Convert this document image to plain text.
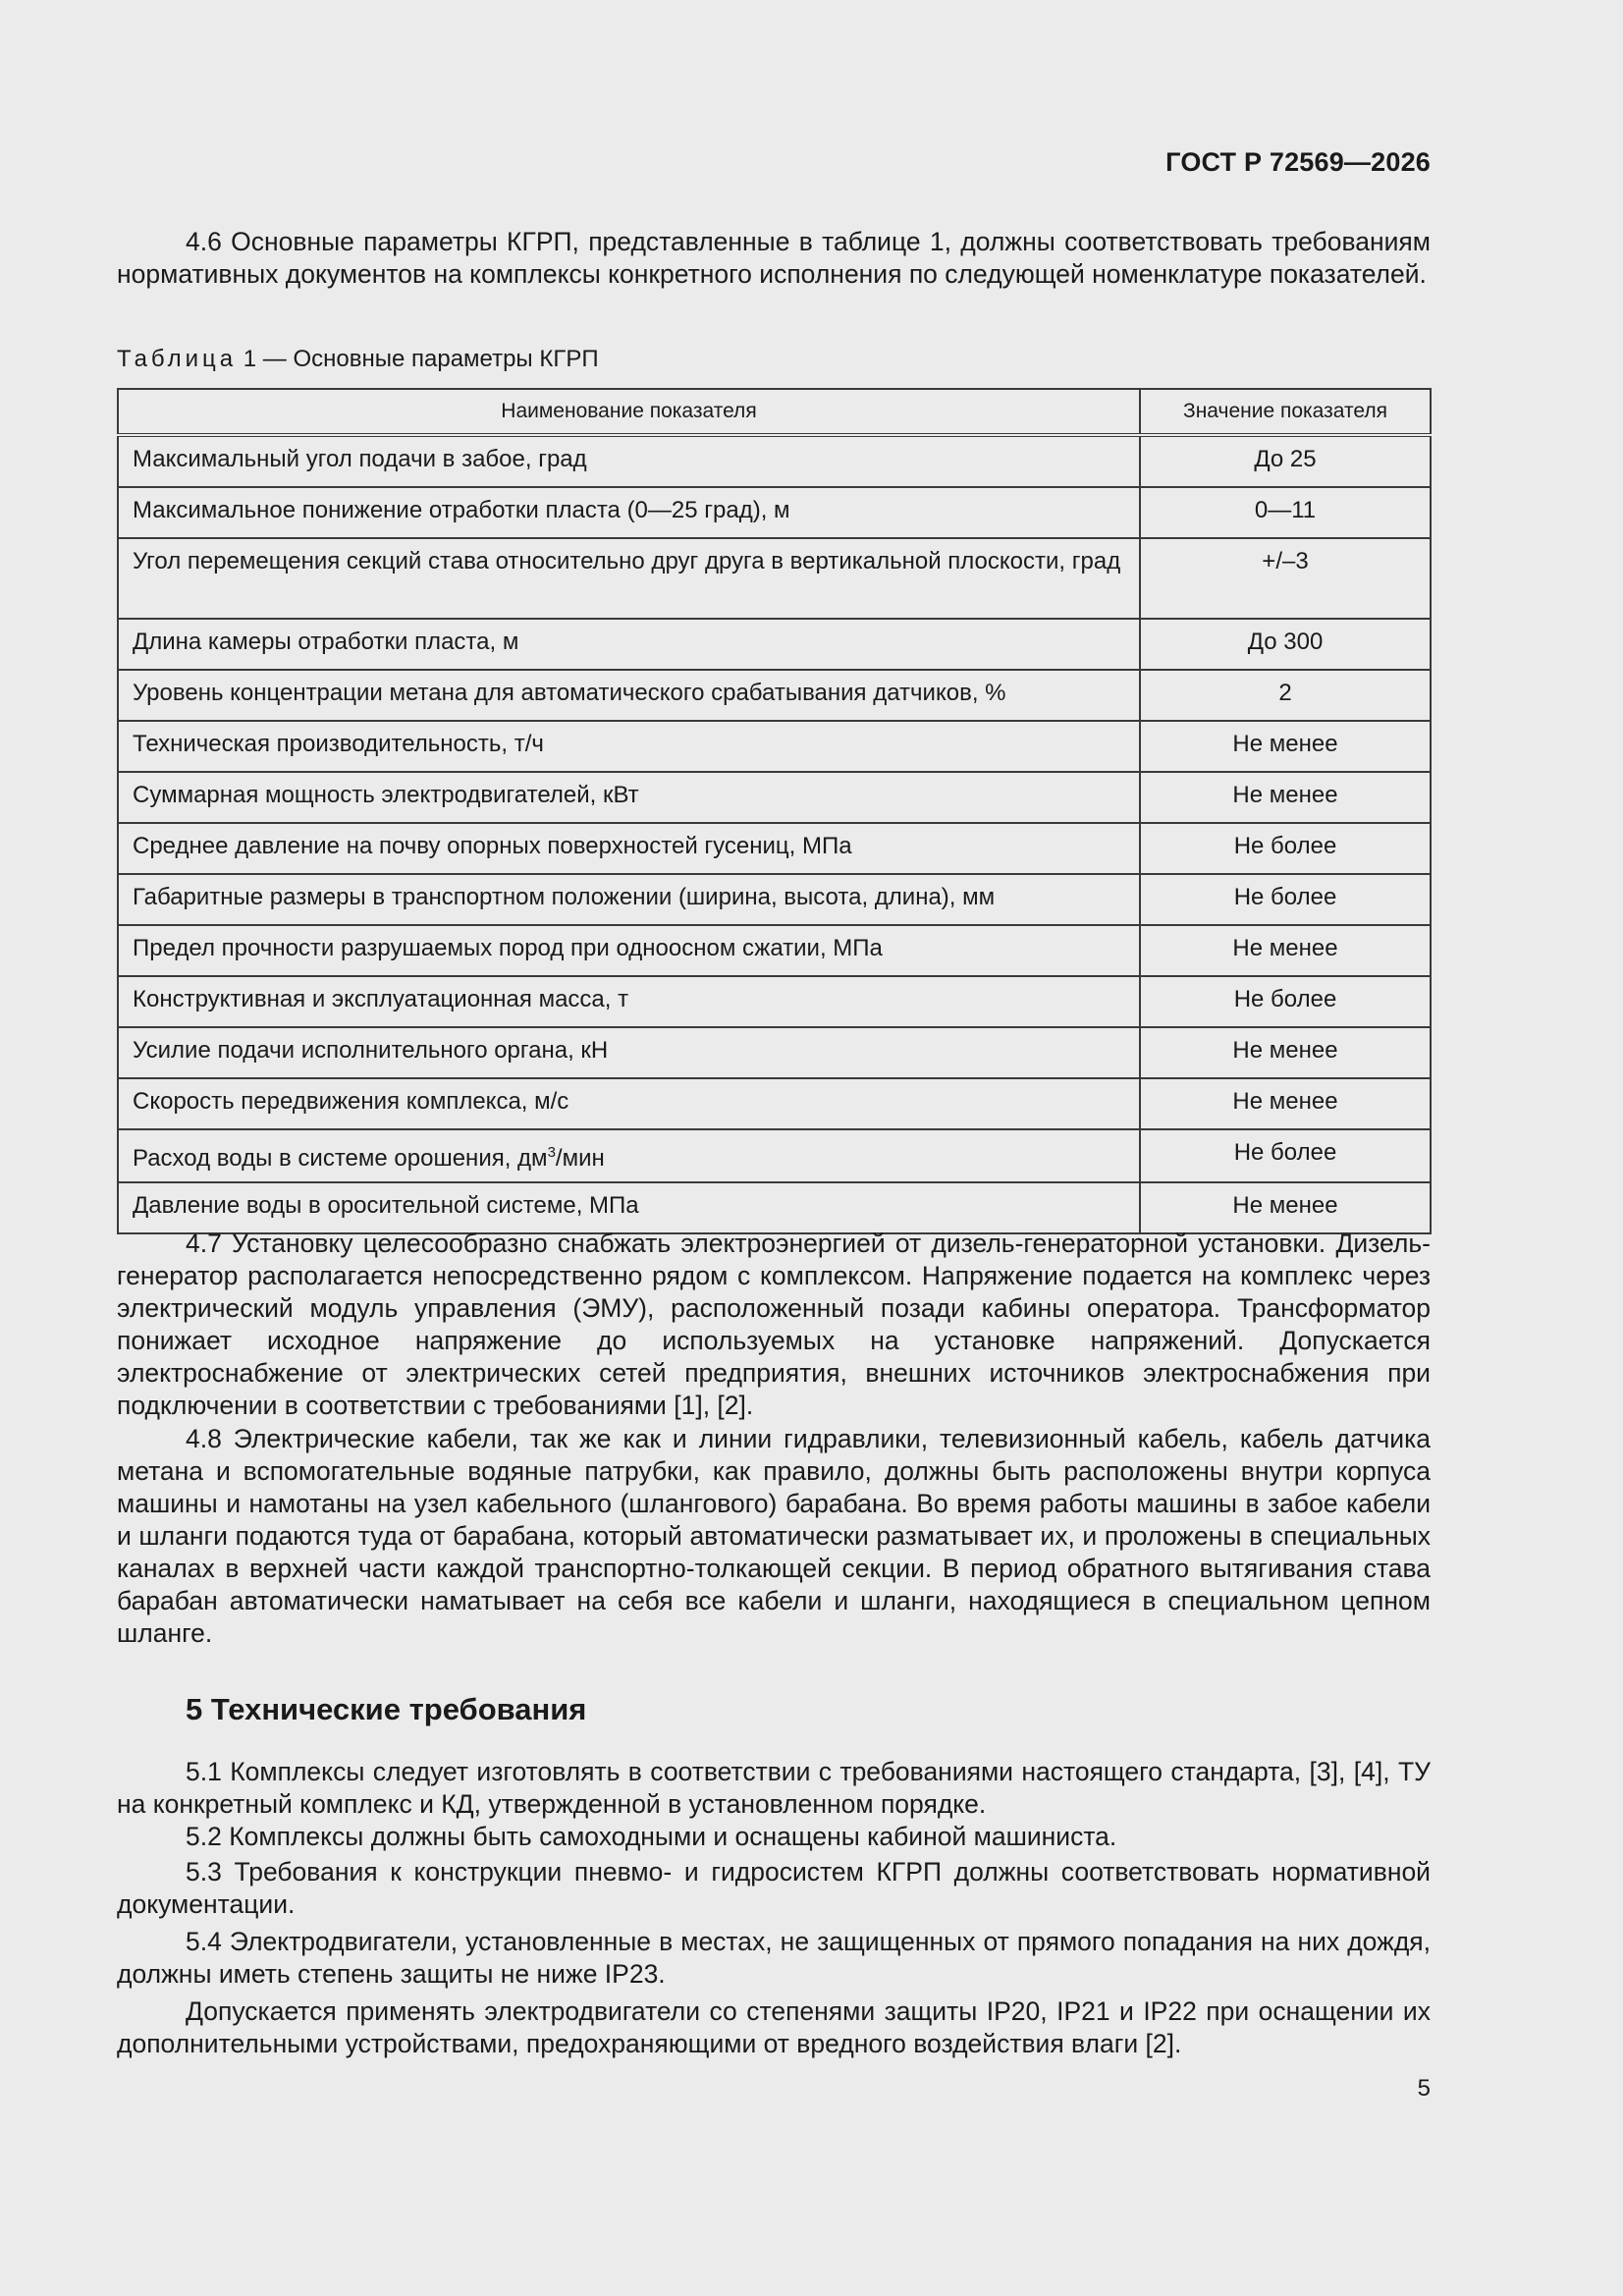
ГОСТ Р 72569—2026

4.6 Основные параметры КГРП, представленные в таблице 1, должны соответствовать требованиям нормативных документов на комплексы конкретного исполнения по следующей номенклатуре показателей.

Таблица 1 — Основные параметры КГРП
Наименование показателя	Значение показателя
Максимальный угол подачи в забое, град	До 25
Максимальное понижение отработки пласта (0—25 град), м	0—11
Угол перемещения секций става относительно друг друга в вертикальной плоскости, град	+/–3
Длина камеры отработки пласта, м	До 300
Уровень концентрации метана для автоматического срабатывания датчиков, %	2
Техническая производительность, т/ч	Не менее
Суммарная мощность электродвигателей, кВт	Не менее
Среднее давление на почву опорных поверхностей гусениц, МПа	Не более
Габаритные размеры в транспортном положении (ширина, высота, длина), мм	Не более
Предел прочности разрушаемых пород при одноосном сжатии, МПа	Не менее
Конструктивная и эксплуатационная масса, т	Не более
Усилие подачи исполнительного органа, кН	Не менее
Скорость передвижения комплекса, м/с	Не менее
Расход воды в системе орошения, $дм^3$/мин	Не более
Давление воды в оросительной системе, МПа	Не менее

4.7 Установку целесообразно снабжать электроэнергией от дизель-генераторной установки. Дизель-генератор располагается непосредственно рядом с комплексом. Напряжение подается на комплекс через электрический модуль управления (ЭМУ), расположенный позади кабины оператора. Трансформатор понижает исходное напряжение до используемых на установке напряжений. Допускается электроснабжение от электрических сетей предприятия, внешних источников электроснабжения при подключении в соответствии с требованиями [1], [2].

4.8 Электрические кабели, так же как и линии гидравлики, телевизионный кабель, кабель датчика метана и вспомогательные водяные патрубки, как правило, должны быть расположены внутри корпуса машины и намотаны на узел кабельного (шлангового) барабана. Во время работы машины в забое кабели и шланги подаются туда от барабана, который автоматически разматывает их, и проложены в специальных каналах в верхней части каждой транспортно-толкающей секции. В период обратного вытягивания става барабан автоматически наматывает на себя все кабели и шланги, находящиеся в специальном цепном шланге.

5 Технические требования

5.1 Комплексы следует изготовлять в соответствии с требованиями настоящего стандарта, [3], [4], ТУ на конкретный комплекс и КД, утвержденной в установленном порядке.

5.2 Комплексы должны быть самоходными и оснащены кабиной машиниста.

5.3 Требования к конструкции пневмо- и гидросистем КГРП должны соответствовать нормативной документации.

5.4 Электродвигатели, установленные в местах, не защищенных от прямого попадания на них дождя, должны иметь степень защиты не ниже IP23.

Допускается применять электродвигатели со степенями защиты IP20, IP21 и IP22 при оснащении их дополнительными устройствами, предохраняющими от вредного воздействия влаги [2].

5
